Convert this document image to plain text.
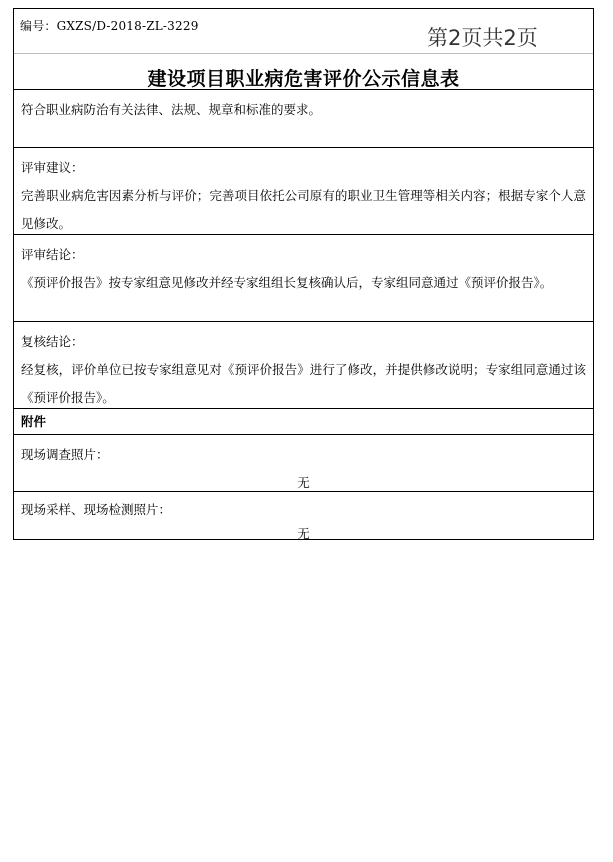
建设项目职业病危害评价公示信息表
符合职业病防治有关法律、法规、规章和标准的要求。
评审建议：
完善职业病危害因素分析与评价；完善项目依托公司原有的职业卫生管理等相关内容；根据专家个人意见修改。
评审结论：
《预评价报告》按专家组意见修改并经专家组组长复核确认后，专家组同意通过《预评价报告》。
复核结论：
经复核，评价单位已按专家组意见对《预评价报告》进行了修改，并提供修改说明；专家组同意通过该《预评价报告》。
附件
现场调查照片：
无
现场采样、现场检测照片：
无
编号：GXZS/D-2018-ZL-3229	第2页共2页
